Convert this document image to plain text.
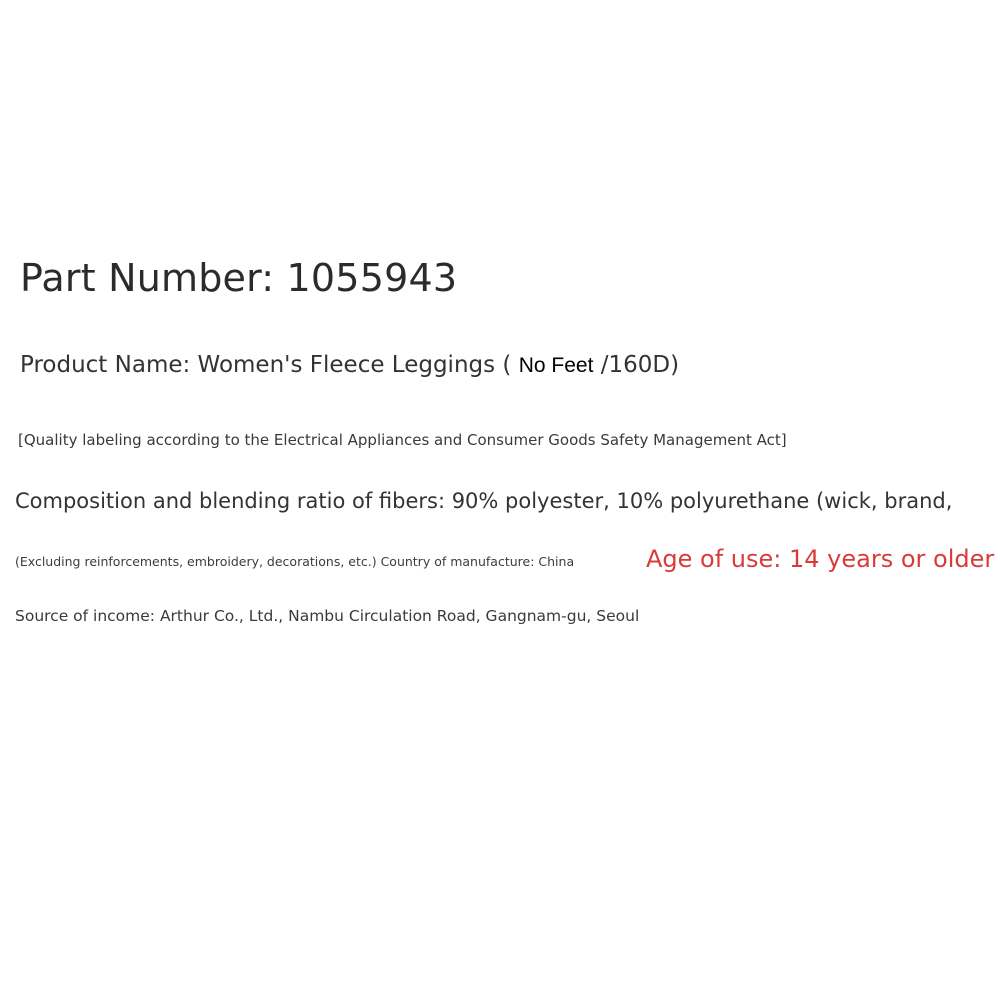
Part Number: 1055943
Product Name: Women's Fleece Leggings ( No Feet /160D)
[Quality labeling according to the Electrical Appliances and Consumer Goods Safety Management Act]
Composition and blending ratio of fibers: 90% polyester, 10% polyurethane (wick, brand,
(Excluding reinforcements, embroidery, decorations, etc.) Country of manufacture: China	Age of use: 14 years or older
Source of income: Arthur Co., Ltd., Nambu Circulation Road, Gangnam-gu, Seoul
